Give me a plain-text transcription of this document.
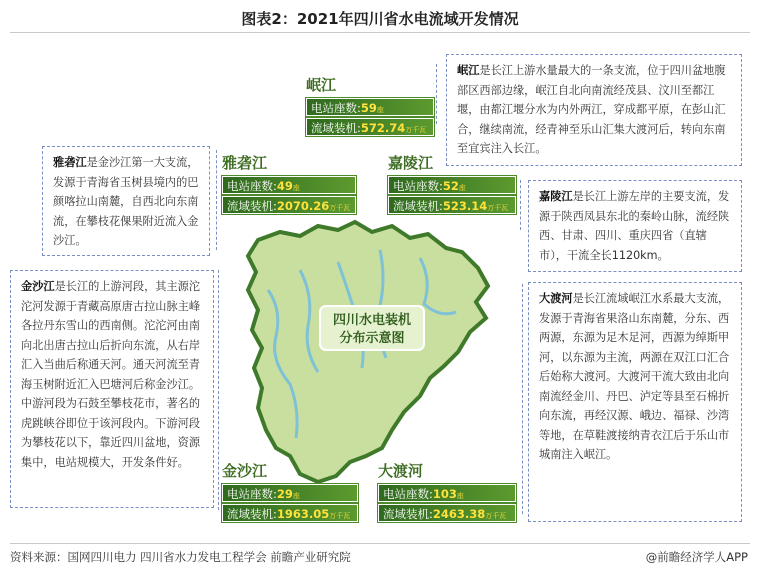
图表2：2021年四川省水电流域开发情况
四川水电装机
分布示意图
岷江是长江上游水量最大的一条支流，位于四川盆地腹部区西部边缘，岷江自北向南流经茂县、汶川至都江堰，由都江堰分水为内外两江，穿成都平原，在彭山汇合，继续南流，经青神至乐山汇集大渡河后，转向东南至宜宾注入长江。
雅砻江是金沙江第一大支流，发源于青海省玉树县境内的巴颜喀拉山南麓，自西北向东南流，在攀枝花倮果附近流入金沙江。
嘉陵江是长江上游左岸的主要支流，发源于陕西凤县东北的秦岭山脉，流经陕西、甘肃、四川、重庆四省（直辖市），干流全长1120km。
金沙江是长江的上游河段，其主源沱沱河发源于青藏高原唐古拉山脉主峰各拉丹东雪山的西南侧。沱沱河由南向北出唐古拉山后折向东流，从右岸汇入当曲后称通天河。通天河流至青海玉树附近汇入巴塘河后称金沙江。中游河段为石鼓至攀枝花市，著名的虎跳峡谷即位于该河段内。下游河段为攀枝花以下，靠近四川盆地，资源集中，电站规模大，开发条件好。
大渡河是长江流域岷江水系最大支流，发源于青海省果洛山东南麓，分东、西两源，东源为足木足河，西源为绰斯甲河，以东源为主流，两源在双江口汇合后始称大渡河。大渡河干流大致由北向南流经金川、丹巴、泸定等县至石棉折向东流，再经汉源、峨边、福禄、沙湾等地，在草鞋渡接纳青衣江后于乐山市城南注入岷江。
岷江
电站座数:59座
流域装机:572.74万千瓦
雅砻江
电站座数:49座
流域装机:2070.26万千瓦
嘉陵江
电站座数:52座
流域装机:523.14万千瓦
金沙江
电站座数:29座
流域装机:1963.05万千瓦
大渡河
电站座数:103座
流域装机:2463.38万千瓦
资料来源：国网四川电力 四川省水力发电工程学会 前瞻产业研究院	@前瞻经济学人APP
